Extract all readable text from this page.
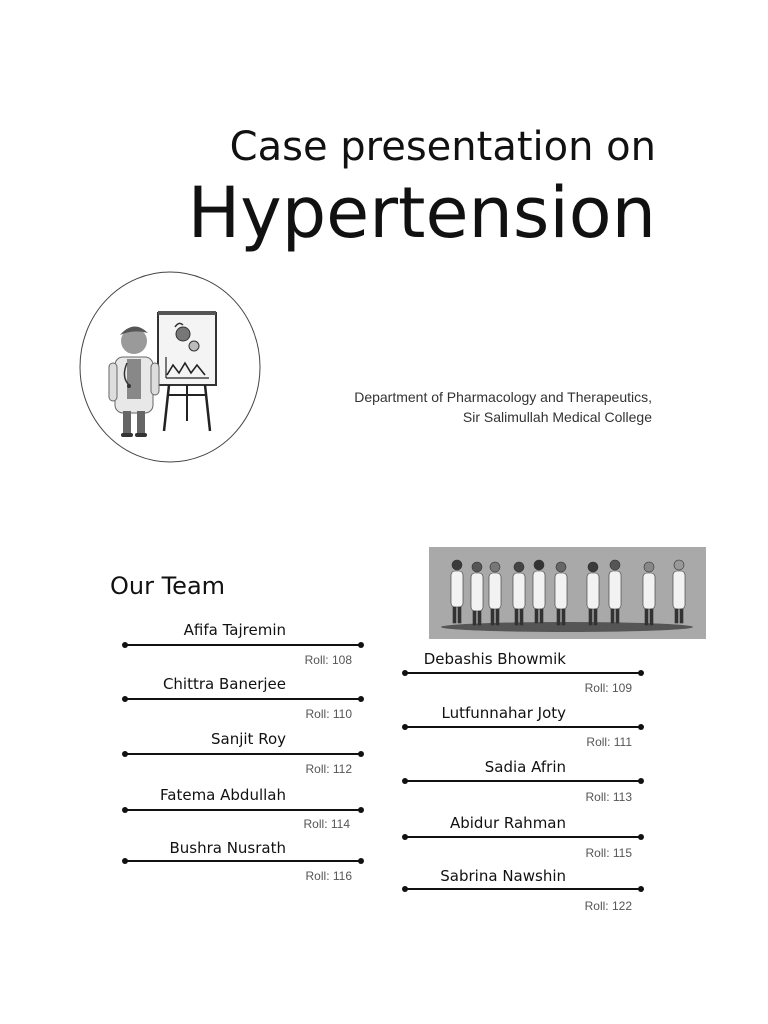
Case presentation on
Hypertension
Department of Pharmacology and Therapeutics,
Sir Salimullah Medical College
Our Team
Afifa Tajremin
Roll: 108
Chittra Banerjee
Roll: 110
Sanjit Roy
Roll: 112
Fatema Abdullah
Roll: 114
Bushra Nusrath
Roll: 116
Debashis Bhowmik
Roll: 109
Lutfunnahar Joty
Roll: 111
Sadia Afrin
Roll: 113
Abidur Rahman
Roll: 115
Sabrina Nawshin
Roll: 122
